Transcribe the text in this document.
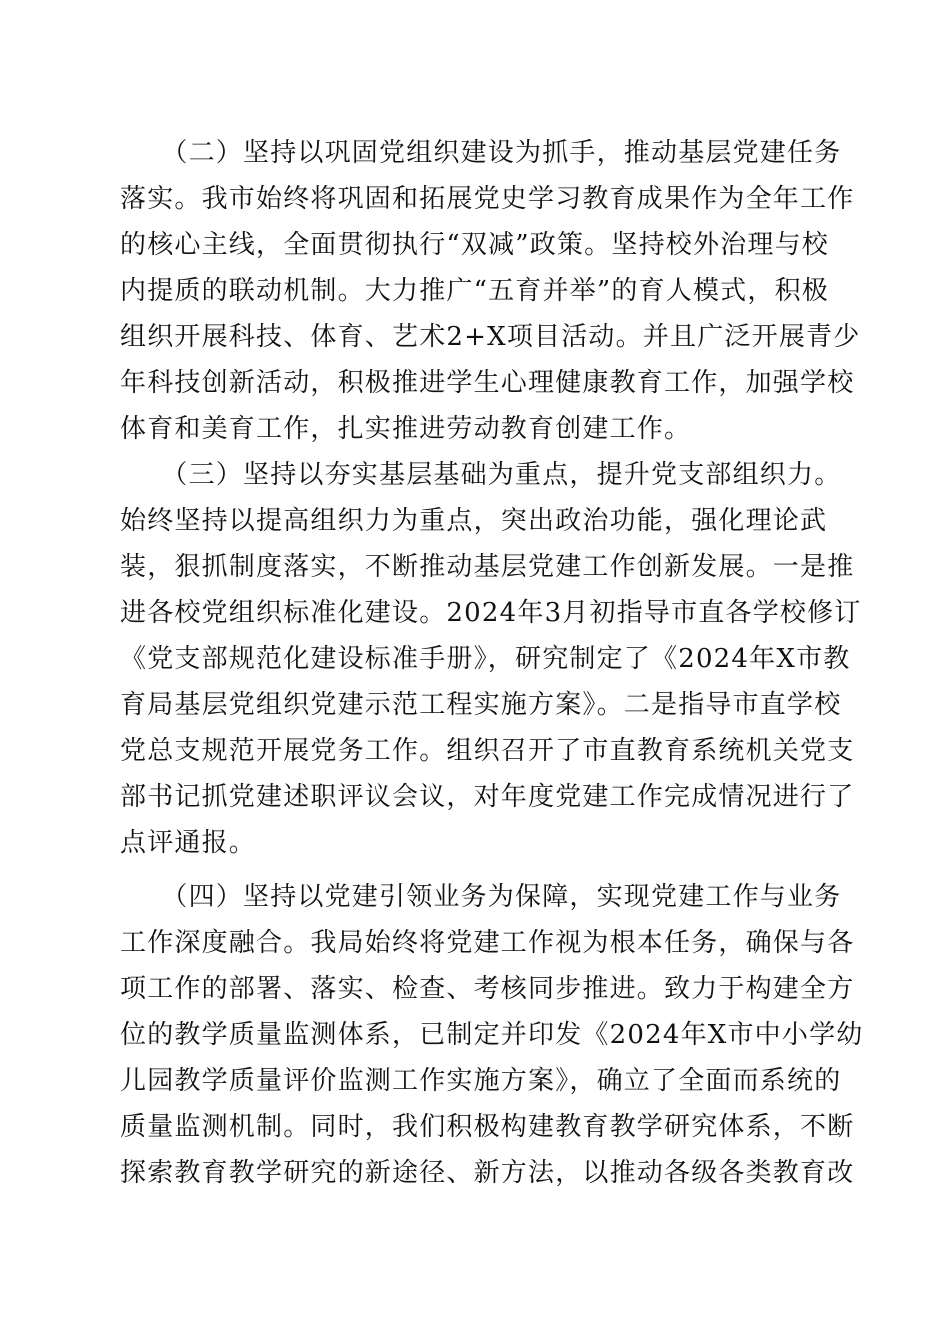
　　（二）坚持以巩固党组织建设为抓手，推动基层党建任务
落实。我市始终将巩固和拓展党史学习教育成果作为全年工作
的核心主线，全面贯彻执行“双减”政策。坚持校外治理与校
内提质的联动机制。大力推广“五育并举”的育人模式，积极
组织开展科技、体育、艺术2+X项目活动。并且广泛开展青少
年科技创新活动，积极推进学生心理健康教育工作，加强学校
体育和美育工作，扎实推进劳动教育创建工作。
　　（三）坚持以夯实基层基础为重点，提升党支部组织力。
始终坚持以提高组织力为重点，突出政治功能，强化理论武
装，狠抓制度落实，不断推动基层党建工作创新发展。一是推
进各校党组织标准化建设。2024年3月初指导市直各学校修订
《党支部规范化建设标准手册》，研究制定了《2024年X市教
育局基层党组织党建示范工程实施方案》。二是指导市直学校
党总支规范开展党务工作。组织召开了市直教育系统机关党支
部书记抓党建述职评议会议，对年度党建工作完成情况进行了
点评通报。
　　（四）坚持以党建引领业务为保障，实现党建工作与业务
工作深度融合。我局始终将党建工作视为根本任务，确保与各
项工作的部署、落实、检查、考核同步推进。致力于构建全方
位的教学质量监测体系，已制定并印发《2024年X市中小学幼
儿园教学质量评价监测工作实施方案》，确立了全面而系统的
质量监测机制。同时，我们积极构建教育教学研究体系，不断
探索教育教学研究的新途径、新方法，以推动各级各类教育改
